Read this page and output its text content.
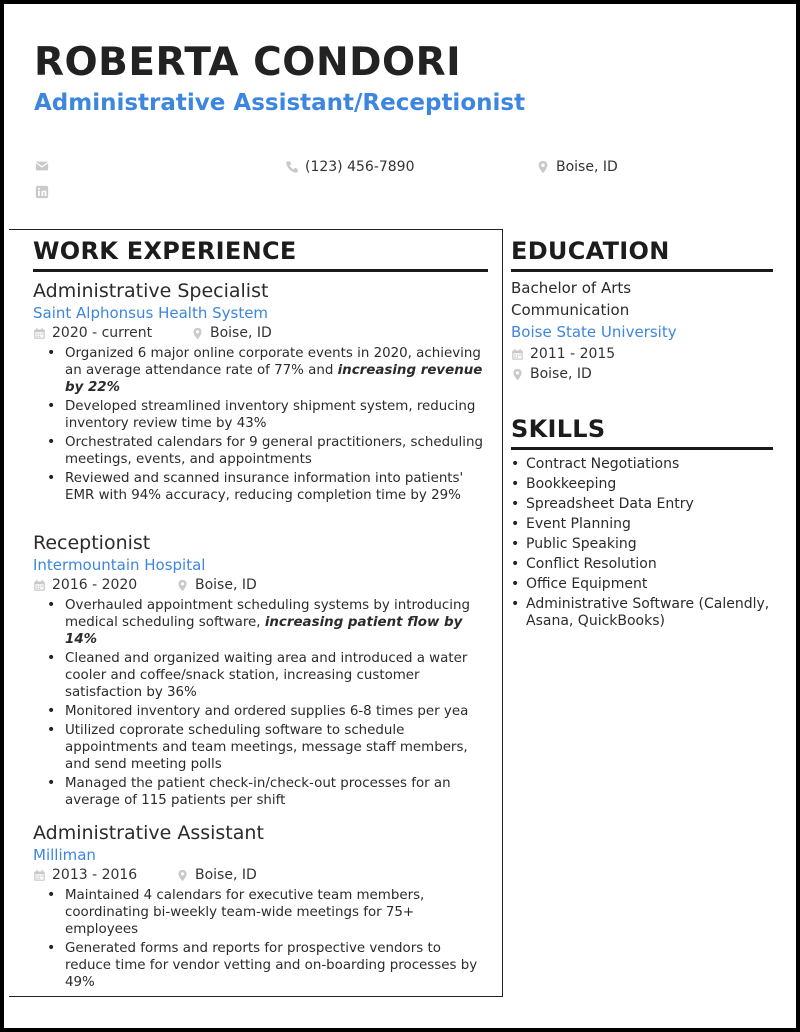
ROBERTA CONDORI
Administrative Assistant/Receptionist
(123) 456-7890	Boise, ID
WORK EXPERIENCE
Administrative Specialist
Saint Alphonsus Health System
2020 - current	Boise, ID
• Organized 6 major online corporate events in 2020, achieving an average attendance rate of 77% and increasing revenue by 22%
• Developed streamlined inventory shipment system, reducing inventory review time by 43%
• Orchestrated calendars for 9 general practitioners, scheduling meetings, events, and appointments
• Reviewed and scanned insurance information into patients' EMR with 94% accuracy, reducing completion time by 29%
Receptionist
Intermountain Hospital
2016 - 2020	Boise, ID
• Overhauled appointment scheduling systems by introducing medical scheduling software, increasing patient flow by 14%
• Cleaned and organized waiting area and introduced a water cooler and coffee/snack station, increasing customer satisfaction by 36%
• Monitored inventory and ordered supplies 6-8 times per yea
• Utilized coprorate scheduling software to schedule appointments and team meetings, message staff members, and send meeting polls
• Managed the patient check-in/check-out processes for an average of 115 patients per shift
Administrative Assistant
Milliman
2013 - 2016	Boise, ID
• Maintained 4 calendars for executive team members, coordinating bi-weekly team-wide meetings for 75+ employees
• Generated forms and reports for prospective vendors to reduce time for vendor vetting and on-boarding processes by 49%
EDUCATION
Bachelor of Arts
Communication
Boise State University
2011 - 2015
Boise, ID
SKILLS
• Contract Negotiations
• Bookkeeping
• Spreadsheet Data Entry
• Event Planning
• Public Speaking
• Conflict Resolution
• Office Equipment
• Administrative Software (Calendly, Asana, QuickBooks)
